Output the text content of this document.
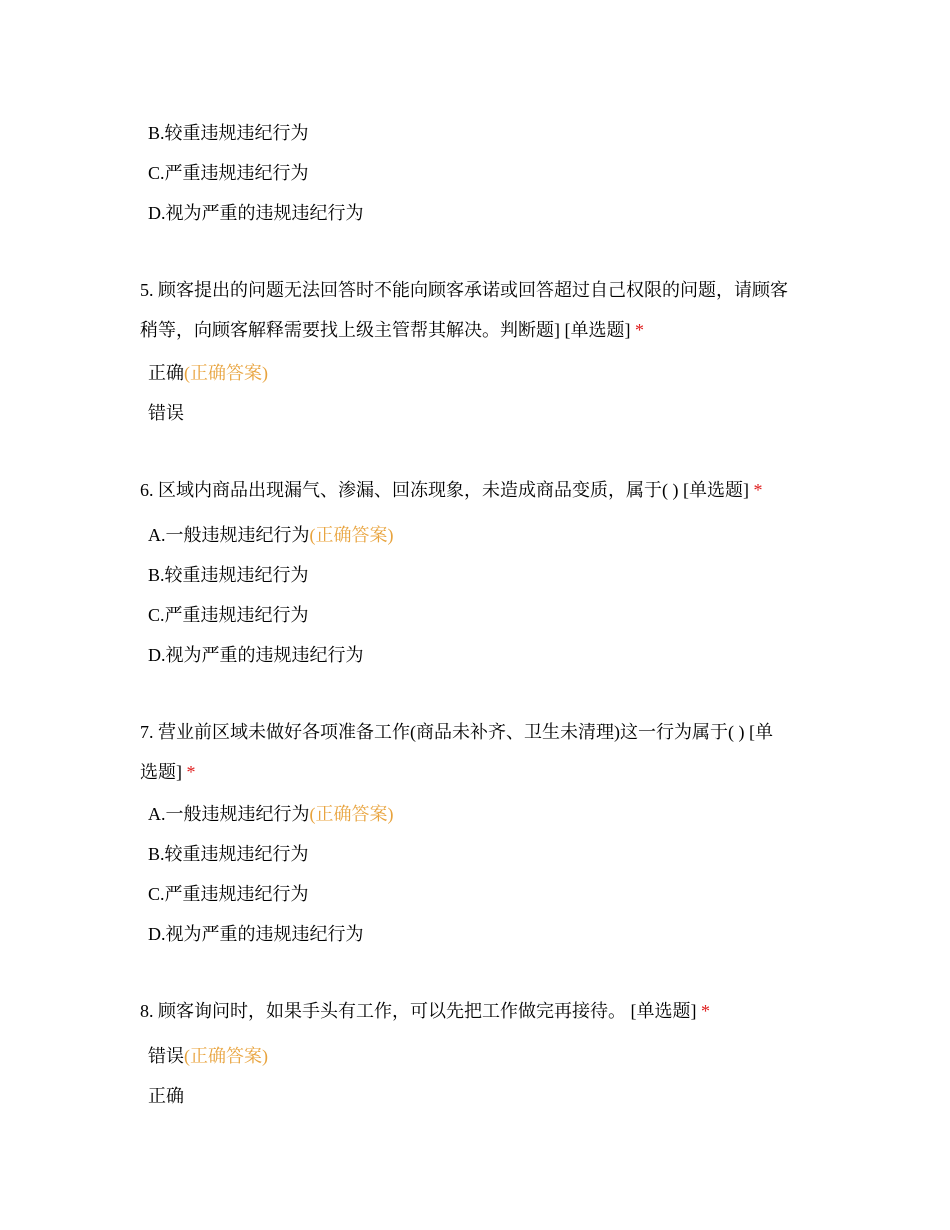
B.较重违规违纪行为
C.严重违规违纪行为
D.视为严重的违规违纪行为
5. 顾客提出的问题无法回答时不能向顾客承诺或回答超过自己权限的问题，请顾客
稍等，向顾客解释需要找上级主管帮其解决。判断题] [单选题] *
正确(正确答案)
错误
6. 区域内商品出现漏气、渗漏、回冻现象，未造成商品变质，属于( ) [单选题] *
A.一般违规违纪行为(正确答案)
B.较重违规违纪行为
C.严重违规违纪行为
D.视为严重的违规违纪行为
7. 营业前区域未做好各项准备工作(商品未补齐、卫生未清理)这一行为属于( ) [单
选题] *
A.一般违规违纪行为(正确答案)
B.较重违规违纪行为
C.严重违规违纪行为
D.视为严重的违规违纪行为
8. 顾客询问时，如果手头有工作，可以先把工作做完再接待。 [单选题] *
错误(正确答案)
正确
